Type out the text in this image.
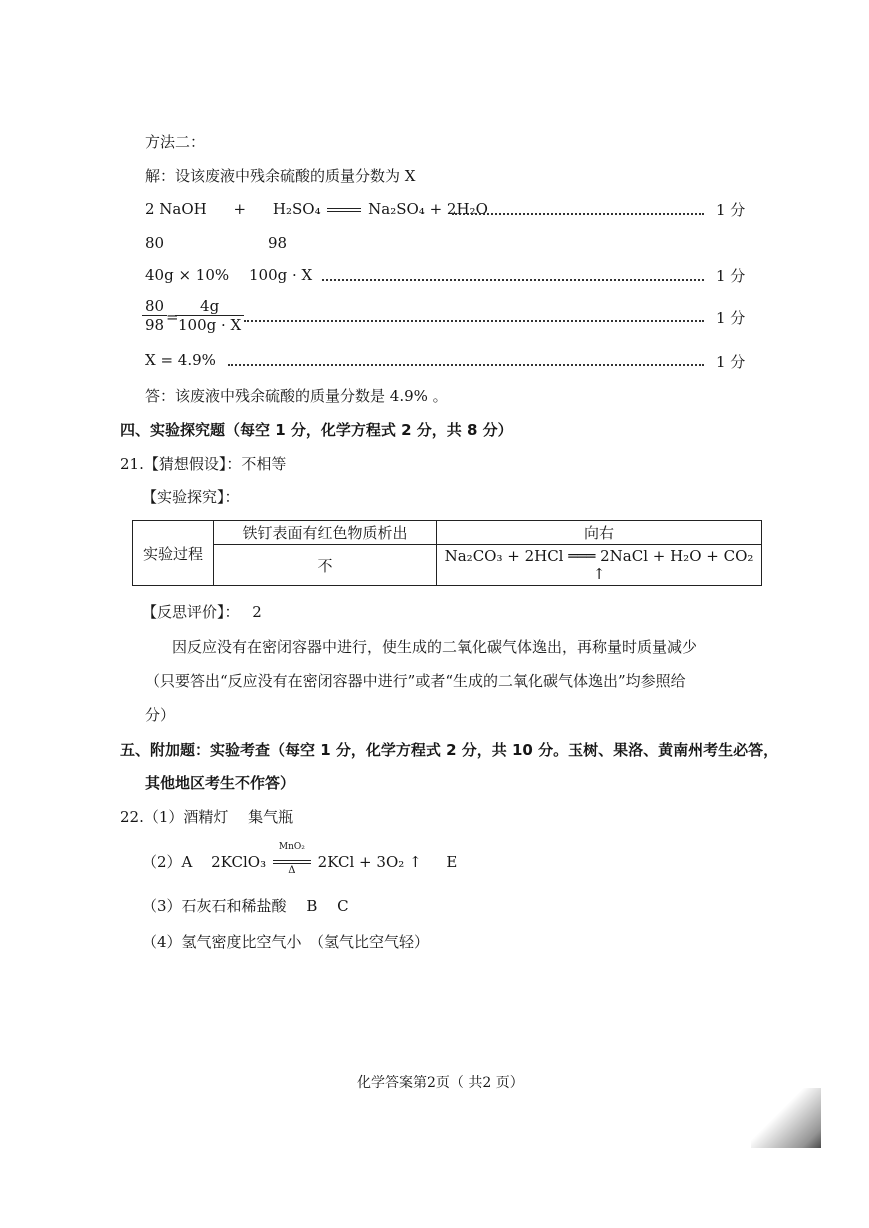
方法二：
解：设该废液中残余硫酸的质量分数为 X
2 NaOH + H₂SO₄	Na₂SO₄ + 2H₂O	1 分
80	98
40g × 10% 100g · X	1 分
$\frac{80}{98}$
=
$\frac{4g}{100g \cdot X}$	1 分
X = 4.9%	1 分
答：该废液中残余硫酸的质量分数是 4.9% 。
四、实验探究题（每空 1 分，化学方程式 2 分，共 8 分）
21.【猜想假设】：不相等
【实验探究】：
实验过程	铁钉表面有红色物质析出	向右
	不	Na₂CO₃ + 2HCl ═══ 2NaCl + H₂O + CO₂ ↑
【反思评价】： 2
因反应没有在密闭容器中进行，使生成的二氧化碳气体逸出，再称量时质量减少
（只要答出“反应没有在密闭容器中进行”或者“生成的二氧化碳气体逸出”均参照给
分）
五、附加题：实验考查（每空 1 分，化学方程式 2 分，共 10 分。玉树、果洛、黄南州考生必答，
其他地区考生不作答）
22.（1）酒精灯　 集气瓶
（2）A 2KClO₃
MnO₂
Δ	2KCl + 3O₂ ↑ E
（3）石灰石和稀盐酸　 B　 C
（4）氢气密度比空气小　（氢气比空气轻）
化学答案第2页（ 共2 页）
